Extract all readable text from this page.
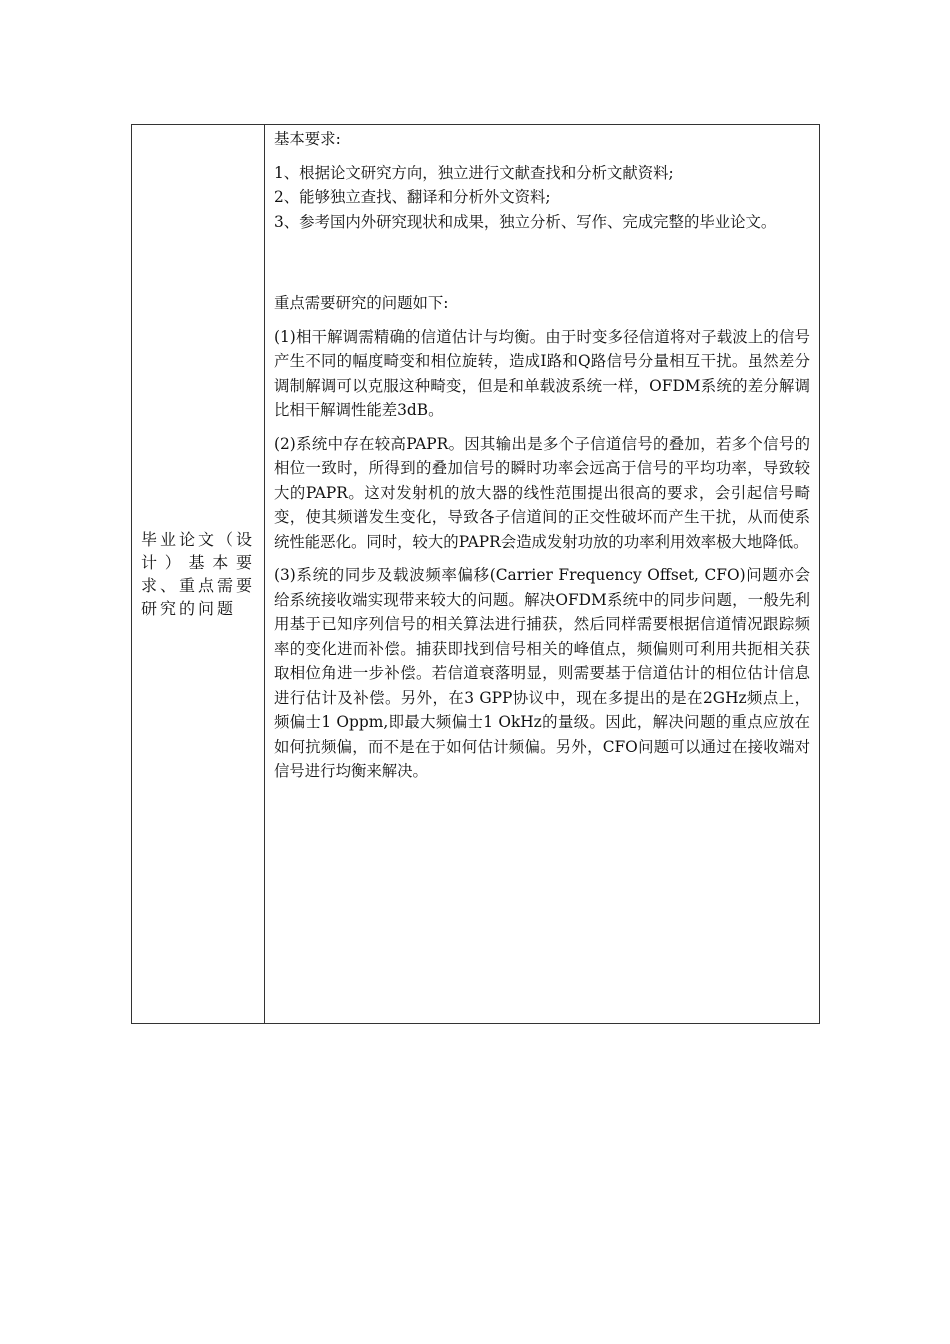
毕业论文（设计）基本要求、重点需要研究的问题

基本要求:

1、根据论文研究方向，独立进行文献查找和分析文献资料;

2、能够独立查找、翻译和分析外文资料;

3、参考国内外研究现状和成果，独立分析、写作、完成完整的毕业论文。

重点需要研究的问题如下:

(1)相干解调需精确的信道估计与均衡。由于时变多径信道将对子载波上的信号产生不同的幅度畸变和相位旋转，造成I路和Q路信号分量相互干扰。虽然差分调制解调可以克服这种畸变，但是和单载波系统一样，OFDM系统的差分解调比相干解调性能差3dB。

(2)系统中存在较高PAPR。因其输出是多个子信道信号的叠加，若多个信号的相位一致时，所得到的叠加信号的瞬时功率会远高于信号的平均功率，导致较大的PAPR。这对发射机的放大器的线性范围提出很高的要求，会引起信号畸变，使其频谱发生变化，导致各子信道间的正交性破坏而产生干扰，从而使系统性能恶化。同时，较大的PAPR会造成发射功放的功率利用效率极大地降低。

(3)系统的同步及载波频率偏移(Carrier Frequency Offset, CFO)问题亦会给系统接收端实现带来较大的问题。解决OFDM系统中的同步问题，一般先利用基于已知序列信号的相关算法进行捕获，然后同样需要根据信道情况跟踪频率的变化进而补偿。捕获即找到信号相关的峰值点，频偏则可利用共扼相关获取相位角进一步补偿。若信道衰落明显，则需要基于信道估计的相位估计信息进行估计及补偿。另外，在3 GPP协议中，现在多提出的是在2GHz频点上，频偏士1 Oppm,即最大频偏士1 OkHz的量级。因此，解决问题的重点应放在如何抗频偏，而不是在于如何估计频偏。另外，CFO问题可以通过在接收端对信号进行均衡来解决。
